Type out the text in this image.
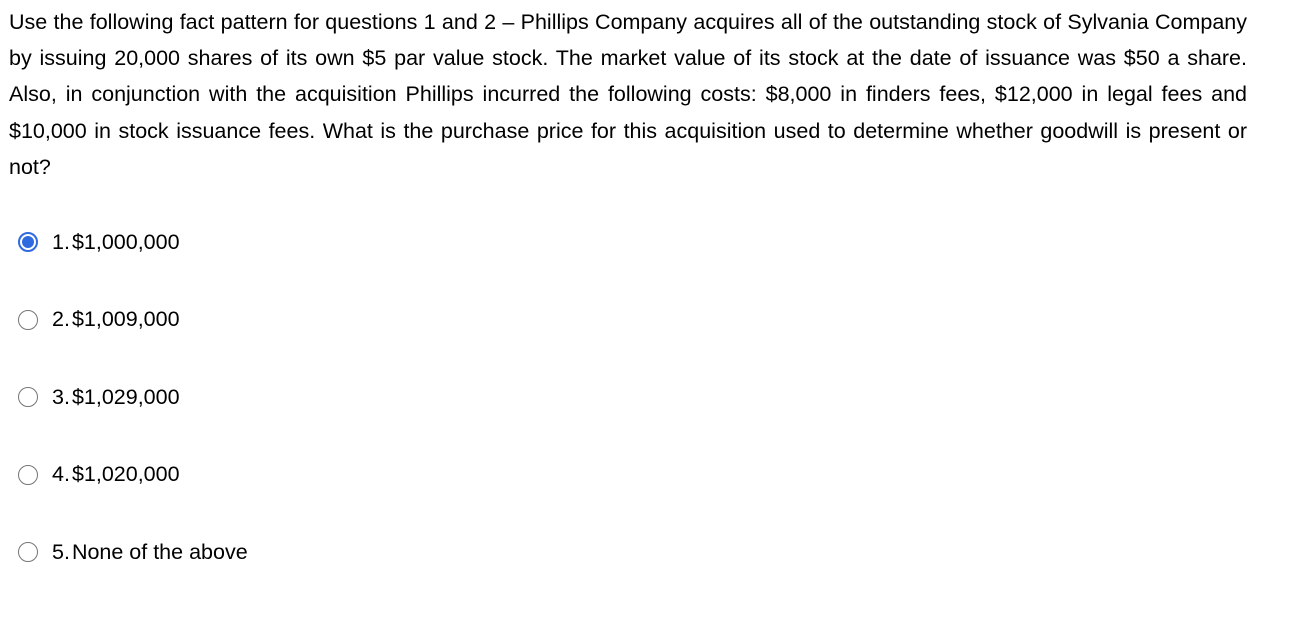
Use the following fact pattern for questions 1 and 2 – Phillips Company acquires all of the outstanding stock of Sylvania Company by issuing 20,000 shares of its own $5 par value stock. The market value of its stock at the date of issuance was $50 a share. Also, in conjunction with the acquisition Phillips incurred the following costs: $8,000 in finders fees, $12,000 in legal fees and $10,000 in stock issuance fees. What is the purchase price for this acquisition used to determine whether goodwill is present or not?

1. $1,000,000
2. $1,009,000
3. $1,029,000
4. $1,020,000
5. None of the above
